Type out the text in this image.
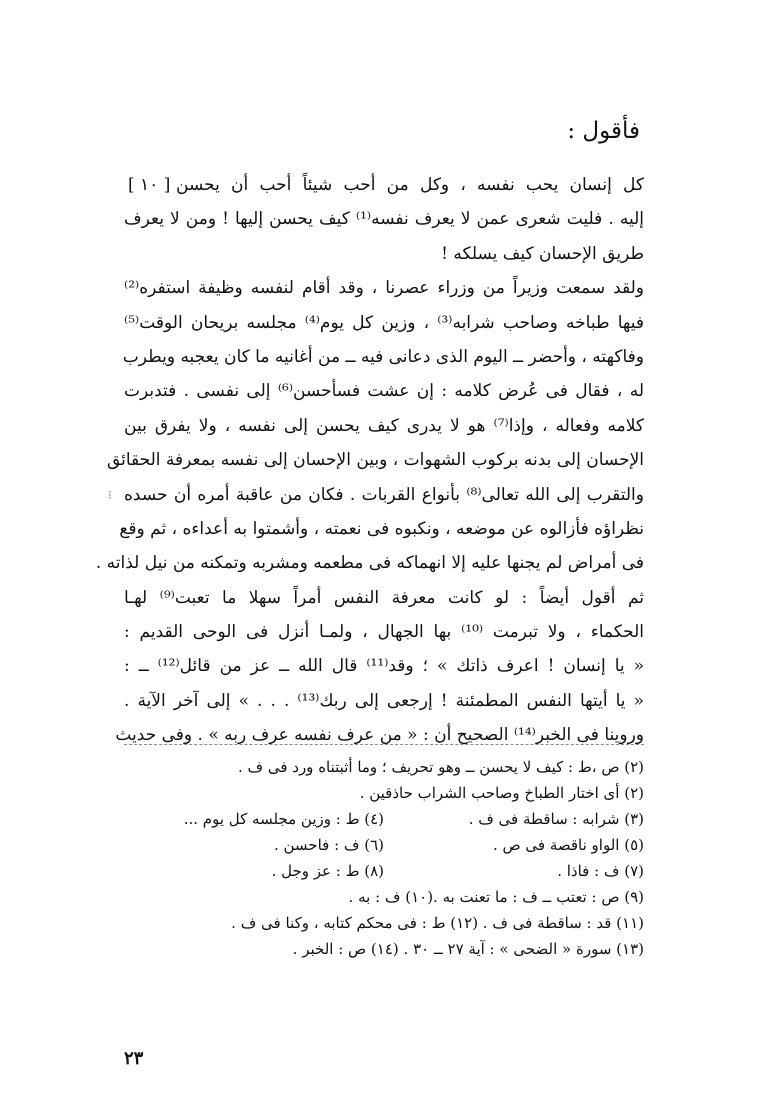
فأقول :
[ ١٠ ] كل إنسان يحب نفسه ، وكل من أحب شيئاً أحب أن يحسن
إليه . فليت شعرى عمن لا يعرف نفسه⁽¹⁾ كيف يحسن إليها ! ومن لا يعرف
طريق الإحسان كيف يسلكه !
ولقد سمعت وزيراً من وزراء عصرنا ، وقد أقام لنفسه وظيفة استفره⁽²⁾
فيها طباخه وصاحب شرابه⁽³⁾ ، وزين كل يوم⁽⁴⁾ مجلسه بريحان الوقت⁽⁵⁾
وفاكهته ، وأحضر ــ اليوم الذى دعانى فيه ــ من أغانيه ما كان يعجبه ويطرب
له ، فقال فى عُرض كلامه : إن عشت فسأحسن⁽⁶⁾ إلى نفسى . فتدبرت
كلامه وفعاله ، وإذا⁽⁷⁾ هو لا يدرى كيف يحسن إلى نفسه ، ولا يفرق بين
الإحسان إلى بدنه بركوب الشهوات ، وبين الإحسان إلى نفسه بمعرفة الحقائق
والتقرب إلى الله تعالى⁽⁸⁾ بأنواع القربات . فكان من عاقبة أمره أن حسده
نظراؤه فأزالوه عن موضعه ، ونكبوه فى نعمته ، وأشمتوا به أعداءه ، ثم وقع
فى أمراض لم يجنها عليه إلا انهماكه فى مطعمه ومشربه وتمكنه من نيل لذاته .
ثم أقول أيضاً : لو كانت معرفة النفس أمراً سهلا ما تعبت⁽⁹⁾ لهـا
الحكماء ، ولا تبرمت ⁽¹⁰⁾ بها الجهال ، ولمـا أنزل فى الوحى القديم :
« يا إنسان ! اعرف ذاتك » ؛ وقد⁽¹¹⁾ قال الله ــ عز من قائل⁽¹²⁾ ــ :
« يا أيتها النفس المطمئنة ! إرجعى إلى ربك⁽¹³⁾ . . . » إلى آخر الآية .
وروينا فى الخبر⁽¹⁴⁾ الصحيح أن : « من عرف نفسه عرف ربه » . وفى حديث
⁝
(٢) ص ،ط : كيف لا يحسن ــ وهو تحريف ؛ وما أثبتناه ورد فى ف .
(٢) أى اختار الطباخ وصاحب الشراب حاذقين .
(٣) شرابه : ساقطة فى ف .
(٤) ط : وزين مجلسه كل يوم ...
(٥) الواو ناقصة فى ص .
(٦) ف : فاحسن .
(٧) ف : فاذا .
(٨) ط : عز وجل .
(٩) ص : تعتب ــ ف : ما تعنت به .(١٠) ف : به .
(١١) قد : ساقطة فى ف . (١٢) ط : فى محكم كتابه ، وكنا فى ف .
(١٣) سورة « الضحى » : آية ٢٧ ــ ٣٠ . (١٤) ص : الخبر .
٢٣
